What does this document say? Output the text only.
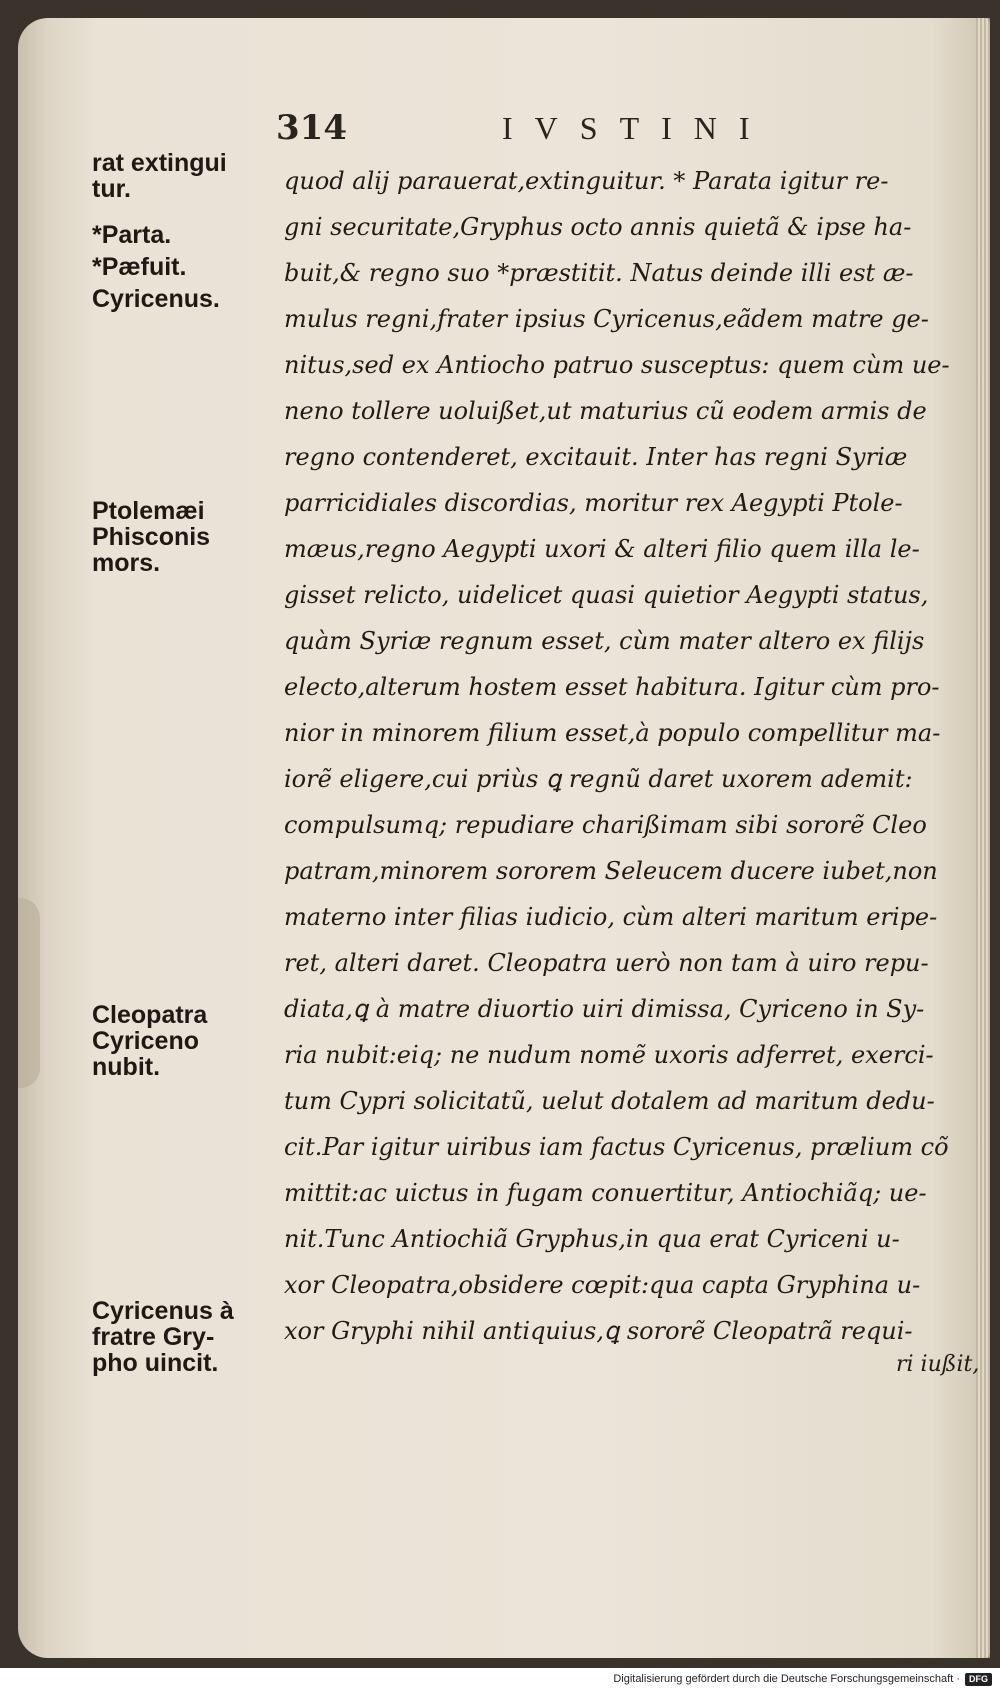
314	IVSTINI
rat extingui
tur.
*Parta.
*Pæfuit.
Cyricenus.
Ptolemæi
Phisconis
mors.
Cleopatra
Cyriceno
nubit.
Cyricenus à
fratre Gry-
pho uincit.
quod alij parauerat,extinguitur. * Parata igitur re-
gni securitate,Gryphus octo annis quietã & ipse ha-
buit,& regno suo *præstitit. Natus deinde illi est æ-
mulus regni,frater ipsius Cyricenus,eãdem matre ge-
nitus,sed ex Antiocho patruo susceptus: quem cùm ue-
neno tollere uoluißet,ut maturius cũ eodem armis de
regno contenderet, excitauit. Inter has regni Syriæ
parricidiales discordias, moritur rex Aegypti Ptole-
mæus,regno Aegypti uxori & alteri filio quem illa le-
gisset relicto, uidelicet quasi quietior Aegypti status,
quàm Syriæ regnum esset, cùm mater altero ex filijs
electo,alterum hostem esset habitura. Igitur cùm pro-
nior in minorem filium esset,à populo compellitur ma-
iorẽ eligere,cui priùs ꝗ regnũ daret uxorem ademit:
compulsumq; repudiare charißimam sibi sororẽ Cleo
patram,minorem sororem Seleucem ducere iubet,non
materno inter filias iudicio, cùm alteri maritum eripe-
ret, alteri daret. Cleopatra uerò non tam à uiro repu-
diata,ꝗ à matre diuortio uiri dimissa, Cyriceno in Sy-
ria nubit:eiq; ne nudum nomẽ uxoris adferret, exerci-
tum Cypri solicitatũ, uelut dotalem ad maritum dedu-
cit.Par igitur uiribus iam factus Cyricenus, prælium cõ
mittit:ac uictus in fugam conuertitur, Antiochiãq; ue-
nit.Tunc Antiochiã Gryphus,in qua erat Cyriceni u-
xor Cleopatra,obsidere cœpit:qua capta Gryphina u-
xor Gryphi nihil antiquius,ꝗ sororẽ Cleopatrã requi-
ri iußit,
Digitalisierung gefördert durch die Deutsche Forschungsgemeinschaft ·	DFG
